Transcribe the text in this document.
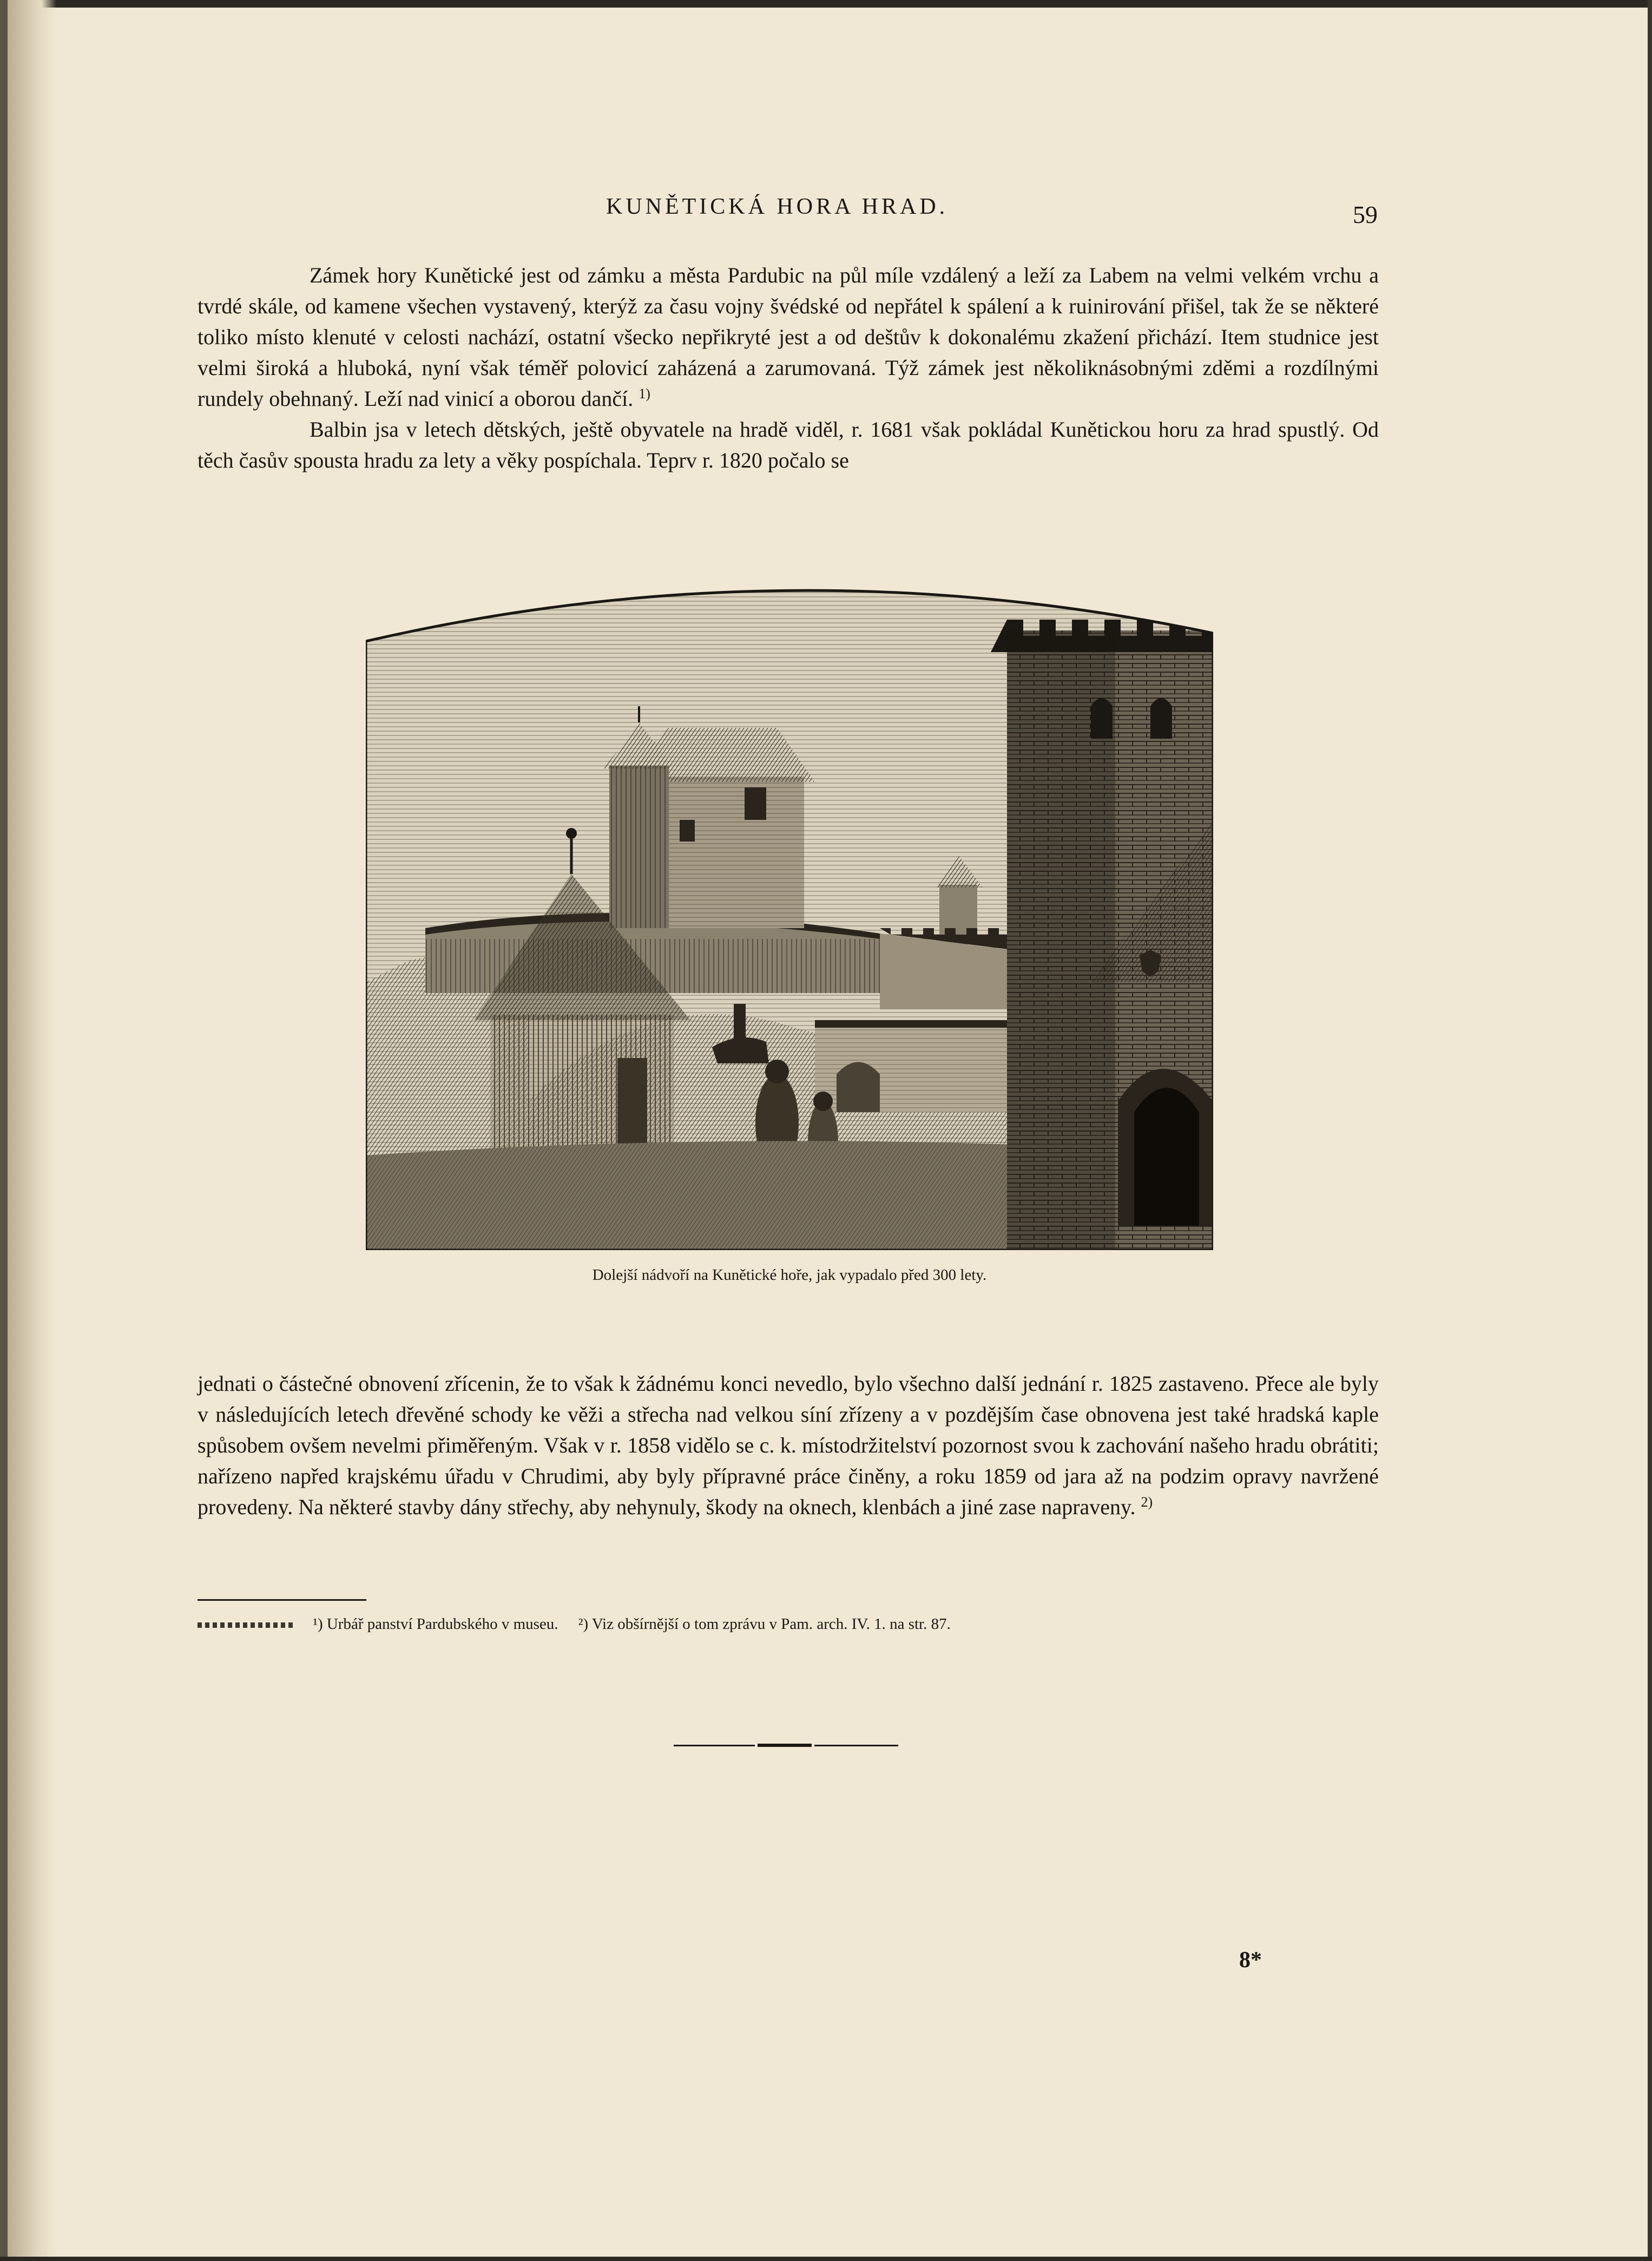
KUNĚTICKÁ HORA HRAD.	59

Zámek hory Kunětické jest od zámku a města Pardubic na půl míle vzdálený a leží za Labem na velmi velkém vrchu a tvrdé skále, od kamene všechen vystavený, kterýž za času vojny švédské od nepřátel k spálení a k ruinirování přišel, tak že se některé toliko místo klenuté v celosti nachází, ostatní všecko nepřikryté jest a od deštův k dokonalému zkažení přichází. Item studnice jest velmi široká a hluboká, nyní však téměř polovicí zaházená a zarumovaná. Týž zámek jest několiknásobnými zděmi a rozdílnými rundely obehnaný. Leží nad vinicí a oborou dančí. $^{1)}$

Balbin jsa v letech dětských, ještě obyvatele na hradě viděl, r. 1681 však pokládal Kunětickou horu za hrad spustlý. Od těch časův spousta hradu za lety a věky pospíchala. Teprv r. 1820 počalo se

Dolejší nádvoří na Kunětické hoře, jak vypadalo před 300 lety.

jednati o částečné obnovení zřícenin, že to však k žádnému konci nevedlo, bylo všechno další jednání r. 1825 zastaveno. Přece ale byly v následujících letech dřevěné schody ke věži a střecha nad velkou síní zřízeny a v pozdějším čase obnovena jest také hradská kaple spůsobem ovšem nevelmi přiměřeným. Však v r. 1858 vidělo se c. k. místodržitelství pozornost svou k zachování našeho hradu obrátiti; nařízeno napřed krajskému úřadu v Chrudimi, aby byly přípravné práce činěny, a roku 1859 od jara až na podzim opravy navržené provedeny. Na některé stavby dány střechy, aby nehynuly, škody na oknech, klenbách a jiné zase napraveny. $^{2)}$

¹) Urbář panství Pardubského v museu. ²) Viz obšírnější o tom zprávu v Pam. arch. IV. 1. na str. 87.
8*
